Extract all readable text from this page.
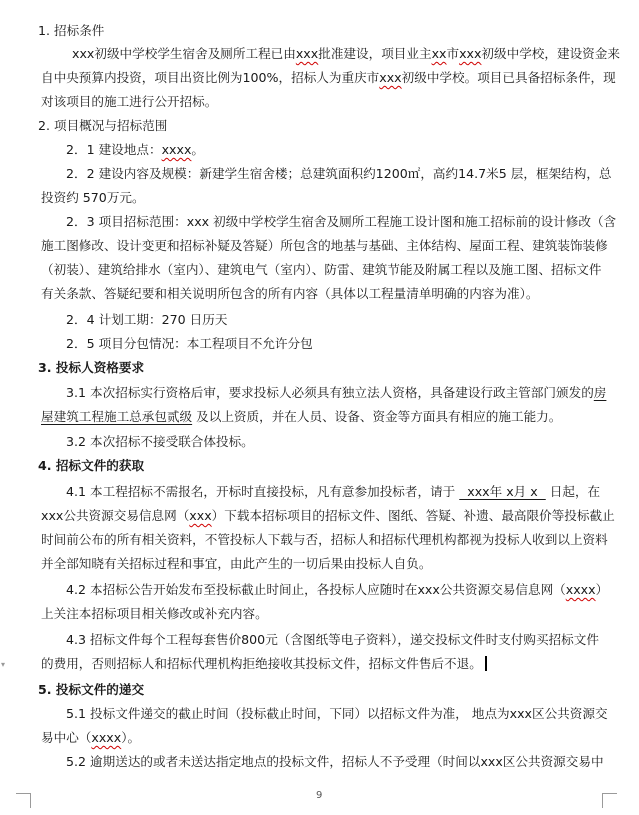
1. 招标条件
xxx初级中学校学生宿舍及厕所工程已由xxx批准建设，项目业主xx市xxx初级中学校，建设资金来
自中央预算内投资，项目出资比例为100%，招标人为重庆市xxx初级中学校。项目已具备招标条件，现
对该项目的施工进行公开招标。
2. 项目概况与招标范围
2．1 建设地点：xxxx。
2．2 建设内容及规模：新建学生宿舍楼；总建筑面积约1200㎡，高约14.7米5 层，框架结构，总
投资约 570万元。
2．3 项目招标范围：xxx 初级中学校学生宿舍及厕所工程施工设计图和施工招标前的设计修改（含
施工图修改、设计变更和招标补疑及答疑）所包含的地基与基础、主体结构、屋面工程、建筑装饰装修
（初装）、建筑给排水（室内）、建筑电气（室内）、防雷、建筑节能及附属工程以及施工图、招标文件
有关条款、答疑纪要和相关说明所包含的所有内容（具体以工程量清单明确的内容为准）。
2．4 计划工期：270 日历天
2．5 项目分包情况：本工程项目不允许分包
3. 投标人资格要求
3.1 本次招标实行资格后审，要求投标人必须具有独立法人资格，具备建设行政主管部门颁发的房
屋建筑工程施工总承包贰级 及以上资质，并在人员、设备、资金等方面具有相应的施工能力。
3.2 本次招标不接受联合体投标。
4. 招标文件的获取
4.1 本工程招标不需报名，开标时直接投标，凡有意参加投标者，请于   xxx年 x月 x   日起，在
xxx公共资源交易信息网（xxx）下载本招标项目的招标文件、图纸、答疑、补遗、最高限价等投标截止
时间前公布的所有相关资料，不管投标人下载与否，招标人和招标代理机构都视为投标人收到以上资料
并全部知晓有关招标过程和事宜，由此产生的一切后果由投标人自负。
4.2 本招标公告开始发布至投标截止时间止，各投标人应随时在xxx公共资源交易信息网（xxxx）
上关注本招标项目相关修改或补充内容。
4.3 招标文件每个工程每套售价800元（含图纸等电子资料），递交投标文件时支付购买招标文件
的费用，否则招标人和招标代理机构拒绝接收其投标文件，招标文件售后不退。
5. 投标文件的递交
5.1 投标文件递交的截止时间（投标截止时间，下同）以招标文件为准， 地点为xxx区公共资源交
易中心（xxxx）。
5.2 逾期送达的或者未送达指定地点的投标文件，招标人不予受理（时间以xxx区公共资源交易中
▾
9
